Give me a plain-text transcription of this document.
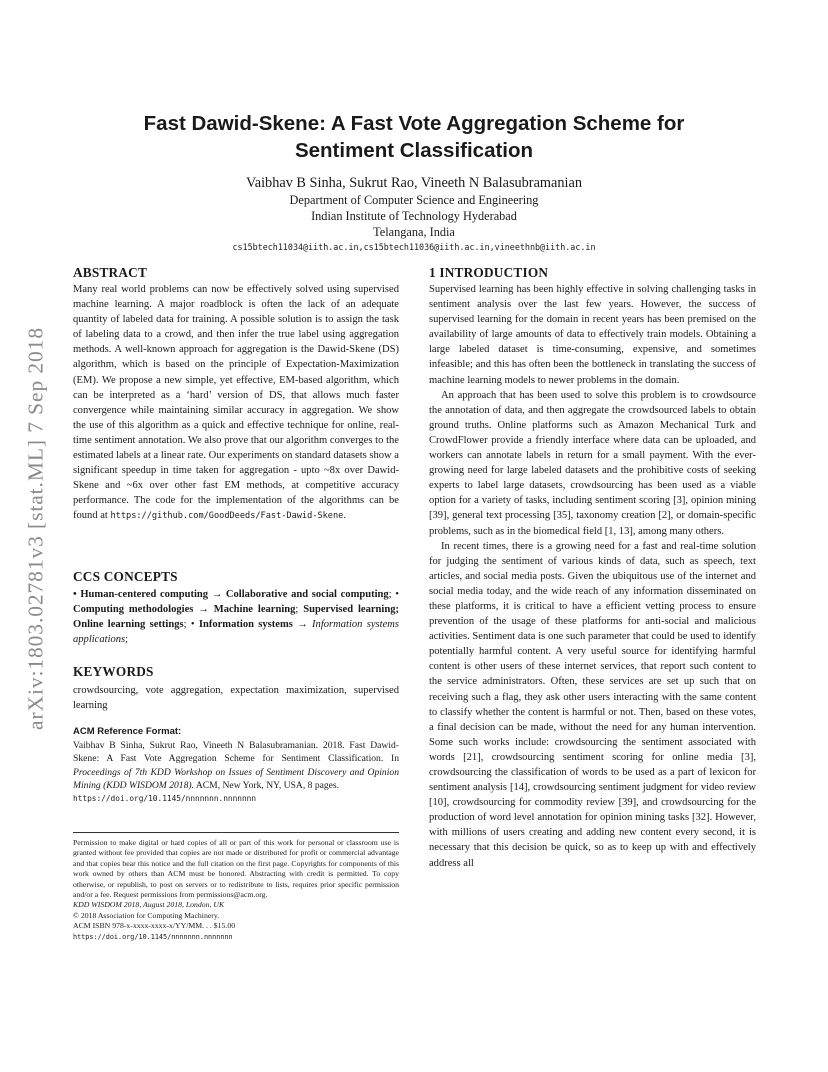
arXiv:1803.02781v3 [stat.ML] 7 Sep 2018
Fast Dawid-Skene: A Fast Vote Aggregation Scheme for
Sentiment Classification
Vaibhav B Sinha, Sukrut Rao, Vineeth N Balasubramanian
Department of Computer Science and Engineering
Indian Institute of Technology Hyderabad
Telangana, India
cs15btech11034@iith.ac.in,cs15btech11036@iith.ac.in,vineethnb@iith.ac.in
ABSTRACT

Many real world problems can now be effectively solved using supervised machine learning. A major roadblock is often the lack of an adequate quantity of labeled data for training. A possible solution is to assign the task of labeling data to a crowd, and then infer the true label using aggregation methods. A well-known approach for aggregation is the Dawid-Skene (DS) algorithm, which is based on the principle of Expectation-Maximization (EM). We propose a new simple, yet effective, EM-based algorithm, which can be interpreted as a ‘hard’ version of DS, that allows much faster convergence while maintaining similar accuracy in aggregation. We show the use of this algorithm as a quick and effective technique for online, real-time sentiment annotation. We also prove that our algorithm converges to the estimated labels at a linear rate. Our experiments on standard datasets show a significant speedup in time taken for aggregation - upto ~8x over Dawid-Skene and ~6x over other fast EM methods, at competitive accuracy performance. The code for the implementation of the algorithms can be found at https://github.com/GoodDeeds/Fast-Dawid-Skene.

CCS CONCEPTS

• Human-centered computing → Collaborative and social computing; • Computing methodologies → Machine learning; Supervised learning; Online learning settings; • Information systems → Information systems applications;

KEYWORDS

crowdsourcing, vote aggregation, expectation maximization, supervised learning

ACM Reference Format:

Vaibhav B Sinha, Sukrut Rao, Vineeth N Balasubramanian. 2018. Fast Dawid-Skene: A Fast Vote Aggregation Scheme for Sentiment Classification. In Proceedings of 7th KDD Workshop on Issues of Sentiment Discovery and Opinion Mining (KDD WISDOM 2018). ACM, New York, NY, USA, 8 pages.
https://doi.org/10.1145/nnnnnnn.nnnnnnn

Permission to make digital or hard copies of all or part of this work for personal or classroom use is granted without fee provided that copies are not made or distributed for profit or commercial advantage and that copies bear this notice and the full citation on the first page. Copyrights for components of this work owned by others than ACM must be honored. Abstracting with credit is permitted. To copy otherwise, or republish, to post on servers or to redistribute to lists, requires prior specific permission and/or a fee. Request permissions from permissions@acm.org.

KDD WISDOM 2018, August 2018, London, UK

© 2018 Association for Computing Machinery.

ACM ISBN 978-x-xxxx-xxxx-x/YY/MM. . . $15.00

https://doi.org/10.1145/nnnnnnn.nnnnnnn

1 INTRODUCTION

Supervised learning has been highly effective in solving challenging tasks in sentiment analysis over the last few years. However, the success of supervised learning for the domain in recent years has been premised on the availability of large amounts of data to effectively train models. Obtaining a large labeled dataset is time-consuming, expensive, and sometimes infeasible; and this has often been the bottleneck in translating the success of machine learning models to newer problems in the domain.

An approach that has been used to solve this problem is to crowdsource the annotation of data, and then aggregate the crowdsourced labels to obtain ground truths. Online platforms such as Amazon Mechanical Turk and CrowdFlower provide a friendly interface where data can be uploaded, and workers can annotate labels in return for a small payment. With the ever-growing need for large labeled datasets and the prohibitive costs of seeking experts to label large datasets, crowdsourcing has been used as a viable option for a variety of tasks, including sentiment scoring [3], opinion mining [39], general text processing [35], taxonomy creation [2], or domain-specific problems, such as in the biomedical field [1, 13], among many others.

In recent times, there is a growing need for a fast and real-time solution for judging the sentiment of various kinds of data, such as speech, text articles, and social media posts. Given the ubiquitous use of the internet and social media today, and the wide reach of any information disseminated on these platforms, it is critical to have a efficient vetting process to ensure prevention of the usage of these platforms for anti-social and malicious activities. Sentiment data is one such parameter that could be used to identify potentially harmful content. A very useful source for identifying harmful content is other users of these internet services, that report such content to the service administrators. Often, these services are set up such that on receiving such a flag, they ask other users interacting with the same content to classify whether the content is harmful or not. Then, based on these votes, a final decision can be made, without the need for any human intervention. Some such works include: crowdsourcing the sentiment associated with words [21], crowdsourcing sentiment scoring for online media [3], crowdsourcing the classification of words to be used as a part of lexicon for sentiment analysis [14], crowdsourcing sentiment judgment for video review [10], crowdsourcing for commodity review [39], and crowdsourcing for the production of word level annotation for opinion mining tasks [32]. However, with millions of users creating and adding new content every second, it is necessary that this decision be quick, so as to keep up with and effectively address all
